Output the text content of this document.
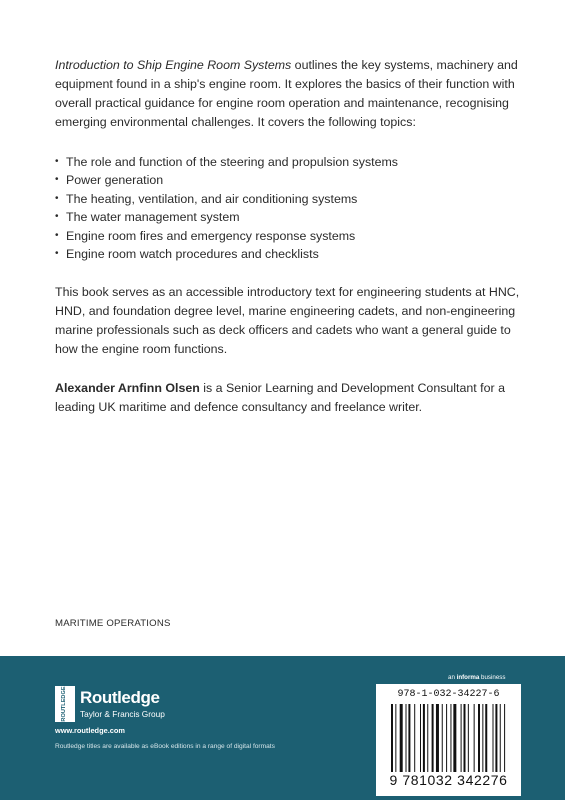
Introduction to Ship Engine Room Systems outlines the key systems, machinery and equipment found in a ship's engine room. It explores the basics of their function with overall practical guidance for engine room operation and maintenance, recognising emerging environmental challenges. It covers the following topics:

• The role and function of the steering and propulsion systems
• Power generation
• The heating, ventilation, and air conditioning systems
• The water management system
• Engine room fires and emergency response systems
• Engine room watch procedures and checklists

This book serves as an accessible introductory text for engineering students at HNC, HND, and foundation degree level, marine engineering cadets, and non-engineering marine professionals such as deck officers and cadets who want a general guide to how the engine room functions.

Alexander Arnfinn Olsen is a Senior Learning and Development Consultant for a leading UK maritime and defence consultancy and freelance writer.

MARITIME OPERATIONS
ROUTLEDGE Routledge
Taylor & Francis Group
www.routledge.com
Routledge titles are available as eBook editions in a range of digital formats
an informa business
978-1-032-34227-6
9 781032 342276
